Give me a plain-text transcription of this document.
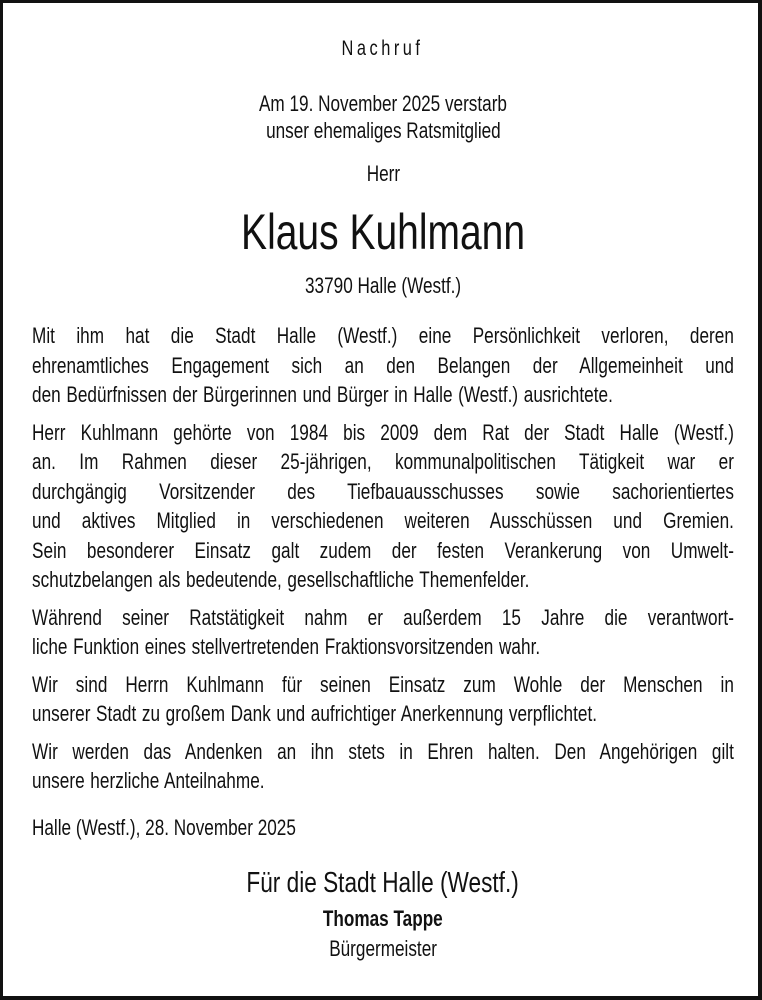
Nachruf
Am 19. November 2025 verstarb
unser ehemaliges Ratsmitglied
Herr
Klaus Kuhlmann
33790 Halle (Westf.)
Mit ihm hat die Stadt Halle (Westf.) eine Persönlichkeit verloren, deren
ehrenamtliches Engagement sich an den Belangen der Allgemeinheit und
den Bedürfnissen der Bürgerinnen und Bürger in Halle (Westf.) ausrichtete.
Herr Kuhlmann gehörte von 1984 bis 2009 dem Rat der Stadt Halle (Westf.)
an. Im Rahmen dieser 25-jährigen, kommunalpolitischen Tätigkeit war er
durchgängig Vorsitzender des Tiefbauausschusses sowie sachorientiertes
und aktives Mitglied in verschiedenen weiteren Ausschüssen und Gremien.
Sein besonderer Einsatz galt zudem der festen Verankerung von Umwelt-
schutzbelangen als bedeutende, gesellschaftliche Themenfelder.
Während seiner Ratstätigkeit nahm er außerdem 15 Jahre die verantwort-
liche Funktion eines stellvertretenden Fraktionsvorsitzenden wahr.
Wir sind Herrn Kuhlmann für seinen Einsatz zum Wohle der Menschen in
unserer Stadt zu großem Dank und aufrichtiger Anerkennung verpflichtet.
Wir werden das Andenken an ihn stets in Ehren halten. Den Angehörigen gilt
unsere herzliche Anteilnahme.
Halle (Westf.), 28. November 2025
Für die Stadt Halle (Westf.)
Thomas Tappe
Bürgermeister
